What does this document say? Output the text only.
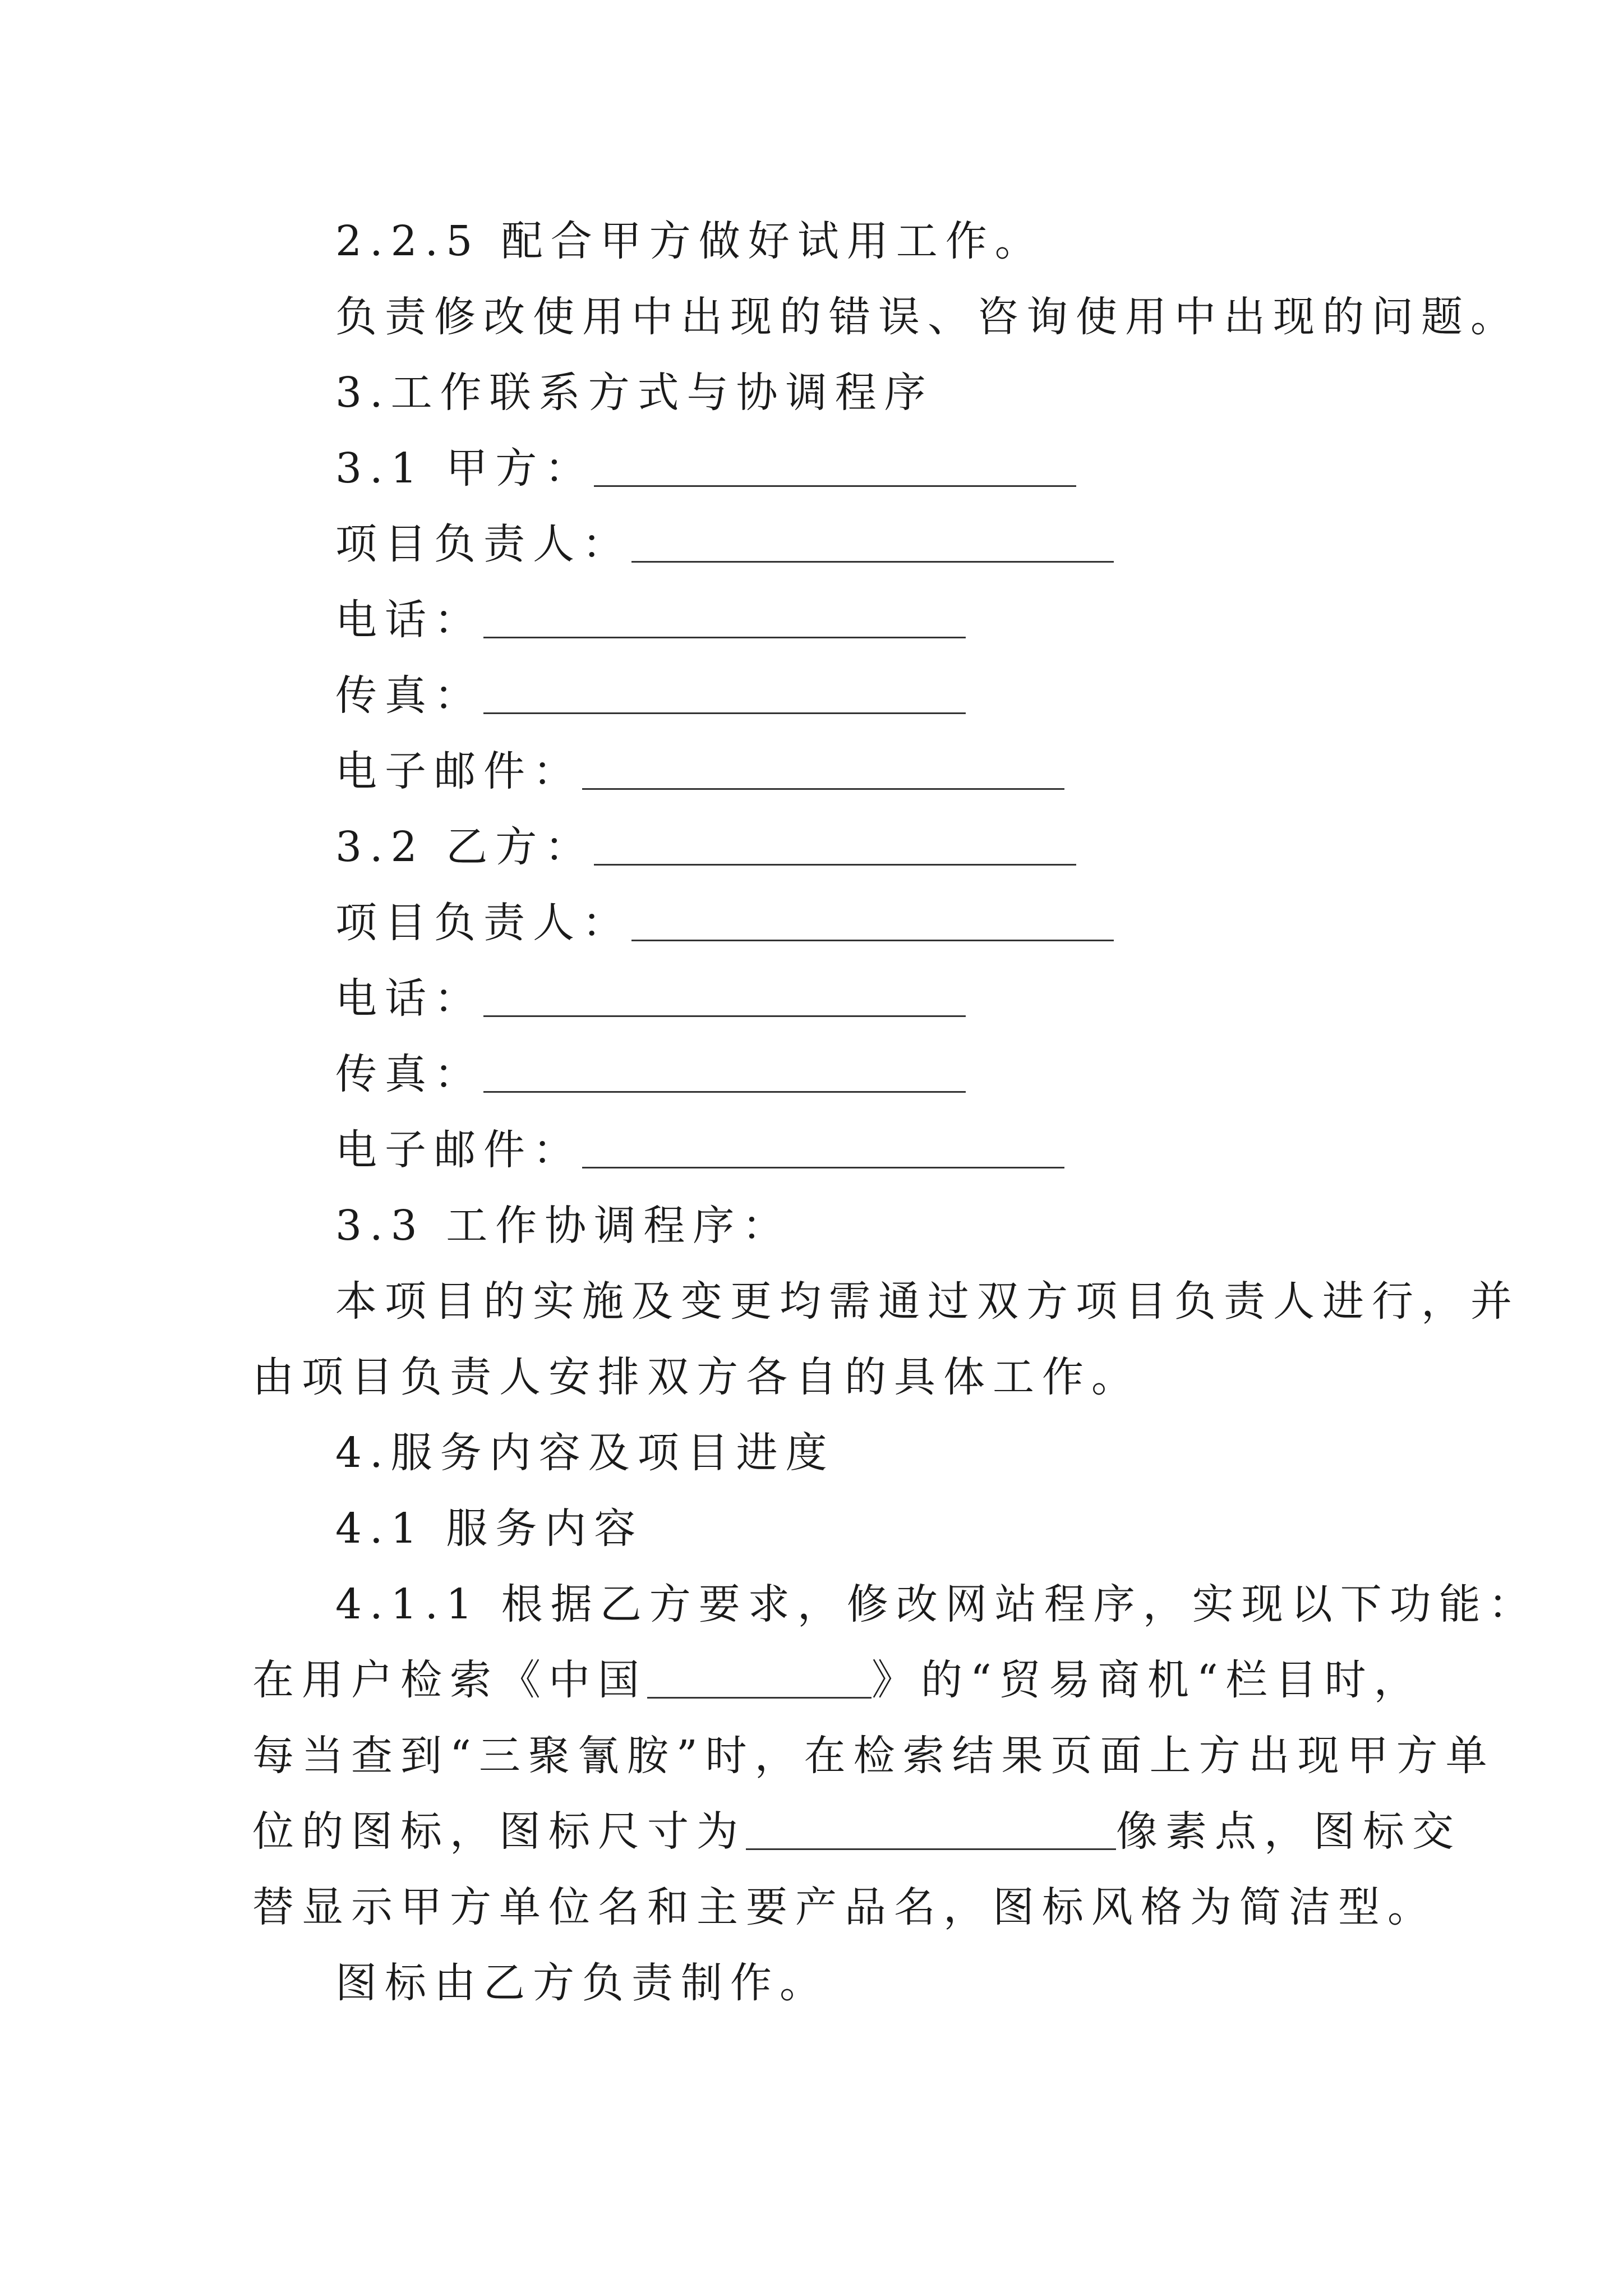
2.2.5 配合甲方做好试用工作。
负责修改使用中出现的错误、咨询使用中出现的问题。
3.工作联系方式与协调程序
3.1 甲方：
项目负责人：
电话：
传真：
电子邮件：
3.2 乙方：
项目负责人：
电话：
传真：
电子邮件：
3.3 工作协调程序：
本项目的实施及变更均需通过双方项目负责人进行，并
由项目负责人安排双方各自的具体工作。
4.服务内容及项目进度
4.1 服务内容
4.1.1 根据乙方要求，修改网站程序，实现以下功能：
在用户检索《中国	》的“贸易商机“栏目时，
每当查到“三聚氰胺”时，在检索结果页面上方出现甲方单
位的图标，图标尺寸为	像素点，图标交
替显示甲方单位名和主要产品名，图标风格为简洁型。
图标由乙方负责制作。
